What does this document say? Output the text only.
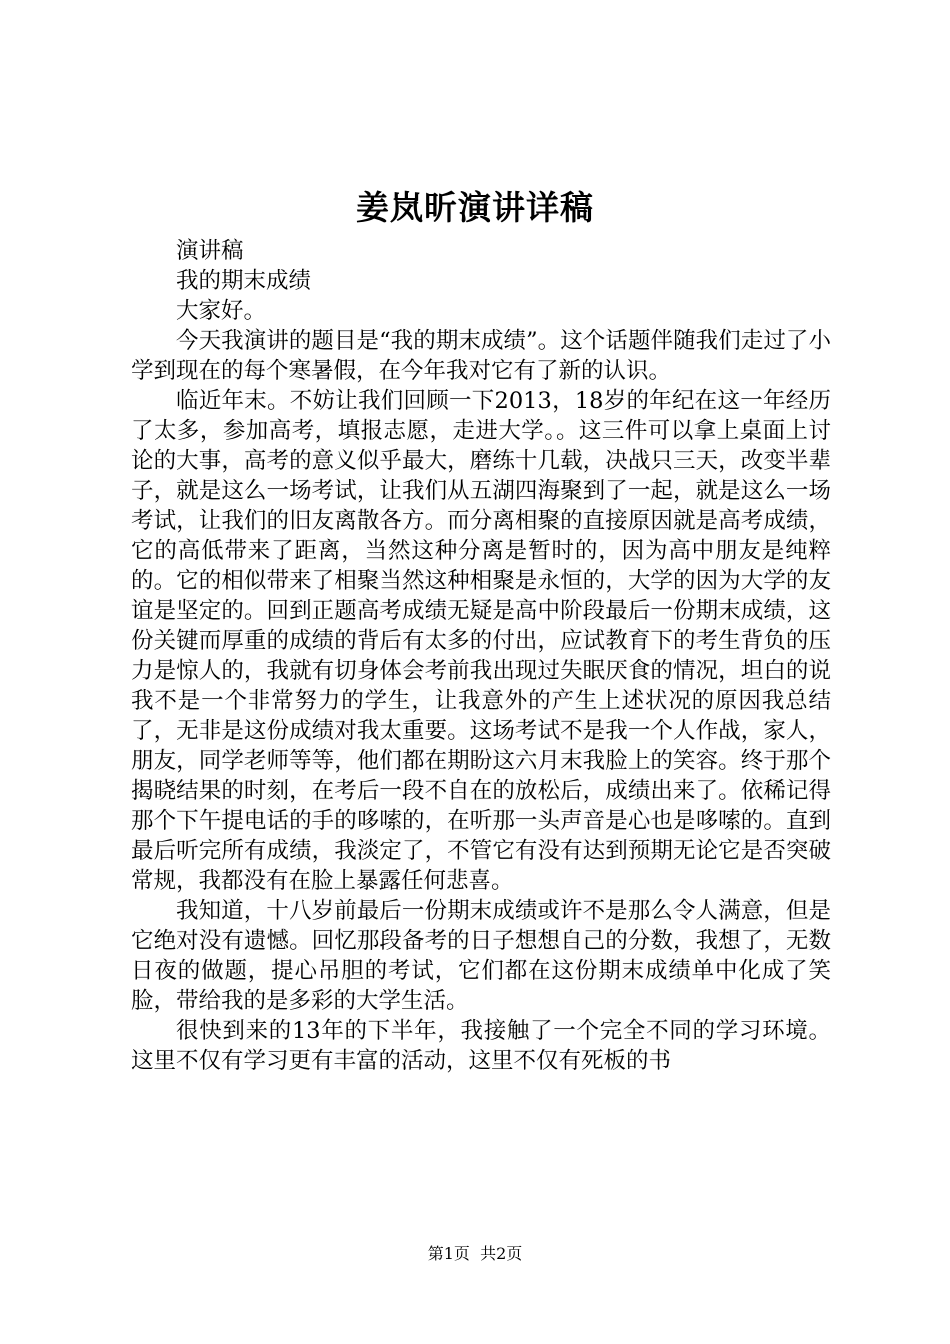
姜岚昕演讲详稿

演讲稿

我的期末成绩

大家好。

今天我演讲的题目是“我的期末成绩”。这个话题伴随我们走过了小学到现在的每个寒暑假，在今年我对它有了新的认识。

临近年末。不妨让我们回顾一下2013，18岁的年纪在这一年经历了太多，参加高考，填报志愿，走进大学。。这三件可以拿上桌面上讨论的大事，高考的意义似乎最大，磨练十几载，决战只三天，改变半辈子，就是这么一场考试，让我们从五湖四海聚到了一起，就是这么一场考试，让我们的旧友离散各方。而分离相聚的直接原因就是高考成绩，它的高低带来了距离，当然这种分离是暂时的，因为高中朋友是纯粹的。它的相似带来了相聚当然这种相聚是永恒的，大学的因为大学的友谊是坚定的。回到正题高考成绩无疑是高中阶段最后一份期末成绩，这份关键而厚重的成绩的背后有太多的付出，应试教育下的考生背负的压力是惊人的，我就有切身体会考前我出现过失眠厌食的情况，坦白的说我不是一个非常努力的学生，让我意外的产生上述状况的原因我总结了，无非是这份成绩对我太重要。这场考试不是我一个人作战，家人，朋友，同学老师等等，他们都在期盼这六月末我脸上的笑容。终于那个揭晓结果的时刻，在考后一段不自在的放松后，成绩出来了。依稀记得那个下午提电话的手的哆嗦的，在听那一头声音是心也是哆嗦的。直到最后听完所有成绩，我淡定了，不管它有没有达到预期无论它是否突破常规，我都没有在脸上暴露任何悲喜。

我知道，十八岁前最后一份期末成绩或许不是那么令人满意，但是它绝对没有遗憾。回忆那段备考的日子想想自己的分数，我想了，无数日夜的做题，提心吊胆的考试，它们都在这份期末成绩单中化成了笑脸，带给我的是多彩的大学生活。

很快到来的13年的下半年，我接触了一个完全不同的学习环境。这里不仅有学习更有丰富的活动，这里不仅有死板的书

第1页  共2页
